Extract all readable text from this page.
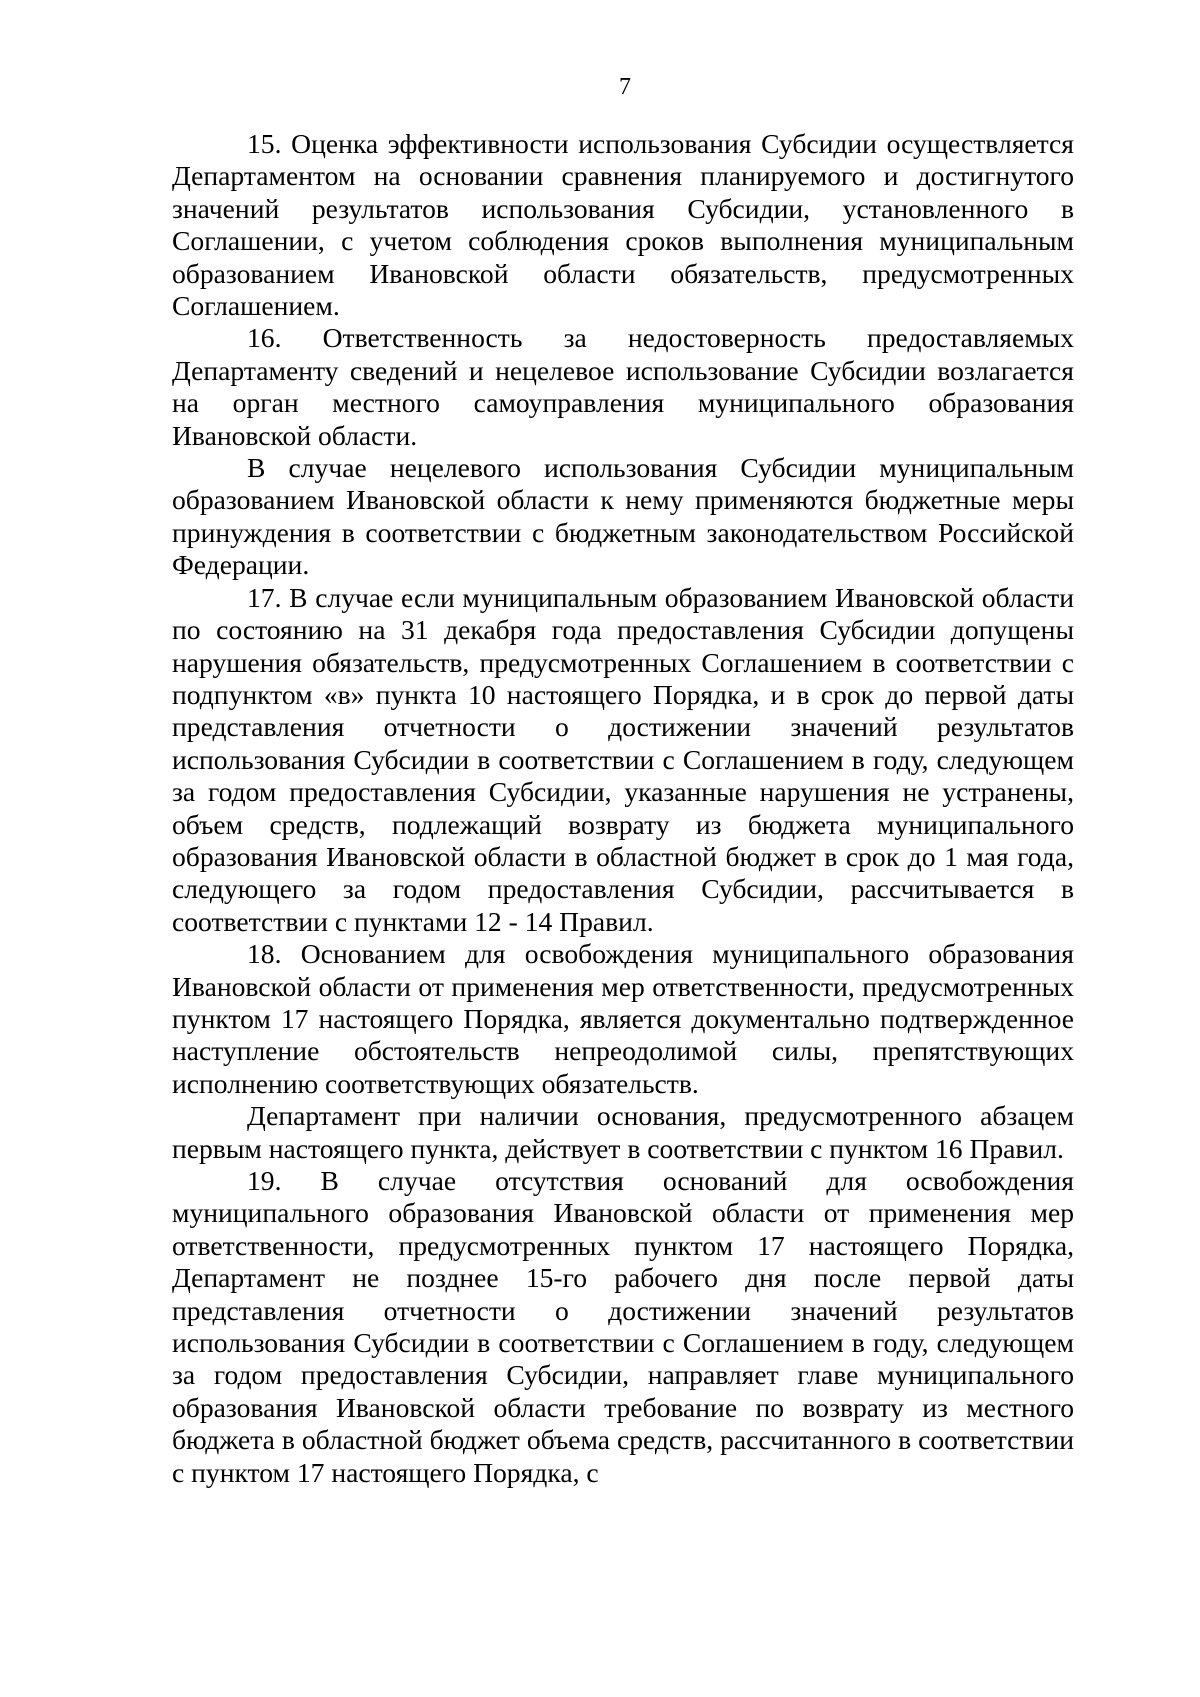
7

15. Оценка эффективности использования Субсидии осуществляется Департаментом на основании сравнения планируемого и достигнутого значений результатов использования Субсидии, установленного в Соглашении, с учетом соблюдения сроков выполнения муниципальным образованием Ивановской области обязательств, предусмотренных Соглашением.

16. Ответственность за недостоверность предоставляемых Департаменту сведений и нецелевое использование Субсидии возлагается на орган местного самоуправления муниципального образования Ивановской области.

В случае нецелевого использования Субсидии муниципальным образованием Ивановской области к нему применяются бюджетные меры принуждения в соответствии с бюджетным законодательством Российской Федерации.

17. В случае если муниципальным образованием Ивановской области по состоянию на 31 декабря года предоставления Субсидии допущены нарушения обязательств, предусмотренных Соглашением в соответствии с подпунктом «в» пункта 10 настоящего Порядка, и в срок до первой даты представления отчетности о достижении значений результатов использования Субсидии в соответствии с Соглашением в году, следующем за годом предоставления Субсидии, указанные нарушения не устранены, объем средств, подлежащий возврату из бюджета муниципального образования Ивановской области в областной бюджет в срок до 1 мая года, следующего за годом предоставления Субсидии, рассчитывается в соответствии с пунктами 12 - 14 Правил.

18. Основанием для освобождения муниципального образования Ивановской области от применения мер ответственности, предусмотренных пунктом 17 настоящего Порядка, является документально подтвержденное наступление обстоятельств непреодолимой силы, препятствующих исполнению соответствующих обязательств.

Департамент при наличии основания, предусмотренного абзацем первым настоящего пункта, действует в соответствии с пунктом 16 Правил.

19. В случае отсутствия оснований для освобождения муниципального образования Ивановской области от применения мер ответственности, предусмотренных пунктом 17 настоящего Порядка, Департамент не позднее 15-го рабочего дня после первой даты представления отчетности о достижении значений результатов использования Субсидии в соответствии с Соглашением в году, следующем за годом предоставления Субсидии, направляет главе муниципального образования Ивановской области требование по возврату из местного бюджета в областной бюджет объема средств, рассчитанного в соответствии с пунктом 17 настоящего Порядка, с
